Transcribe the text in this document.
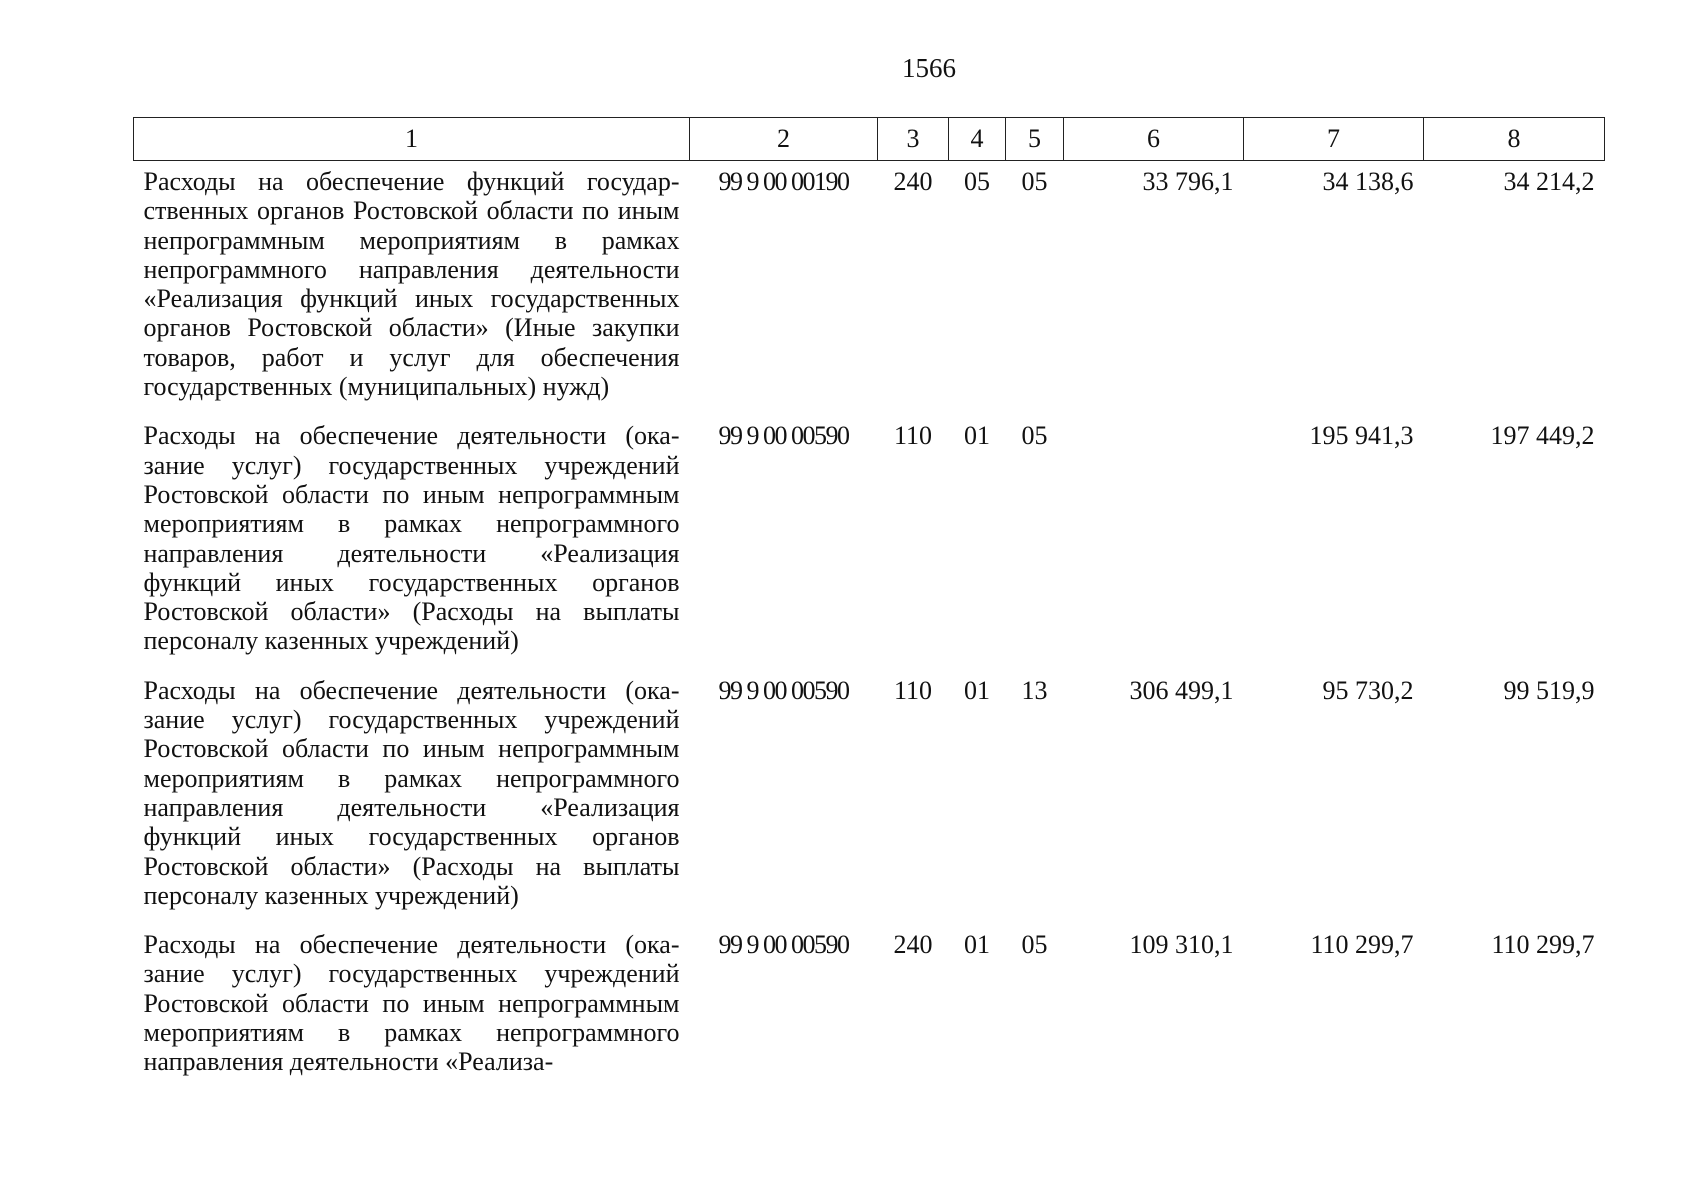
1566
1	2	3	4	5	6	7	8
Расходы на обеспечение функций государственных органов Ростовской области по иным непрограммным мероприятиям в рамках непрограммного направления деятельности «Реализация функций иных государственных органов Ростовской области» (Иные закупки товаров, работ и услуг для обеспечения государственных (муниципальных) нужд)	99 9 00 00190	240	05	05	33 796,1	34 138,6	34 214,2
Расходы на обеспечение деятельности (оказание услуг) государственных учреждений Ростовской области по иным непрограммным мероприятиям в рамках непрограммного направления деятельности «Реализация функций иных государственных органов Ростовской области» (Расходы на выплаты персоналу казенных учреждений)	99 9 00 00590	110	01	05		195 941,3	197 449,2
Расходы на обеспечение деятельности (оказание услуг) государственных учреждений Ростовской области по иным непрограммным мероприятиям в рамках непрограммного направления деятельности «Реализация функций иных государственных органов Ростовской области» (Расходы на выплаты персоналу казенных учреждений)	99 9 00 00590	110	01	13	306 499,1	95 730,2	99 519,9
Расходы на обеспечение деятельности (оказание услуг) государственных учреждений Ростовской области по иным непрограммным мероприятиям в рамках непрограммного направления деятельности «Реализа-	99 9 00 00590	240	01	05	109 310,1	110 299,7	110 299,7
